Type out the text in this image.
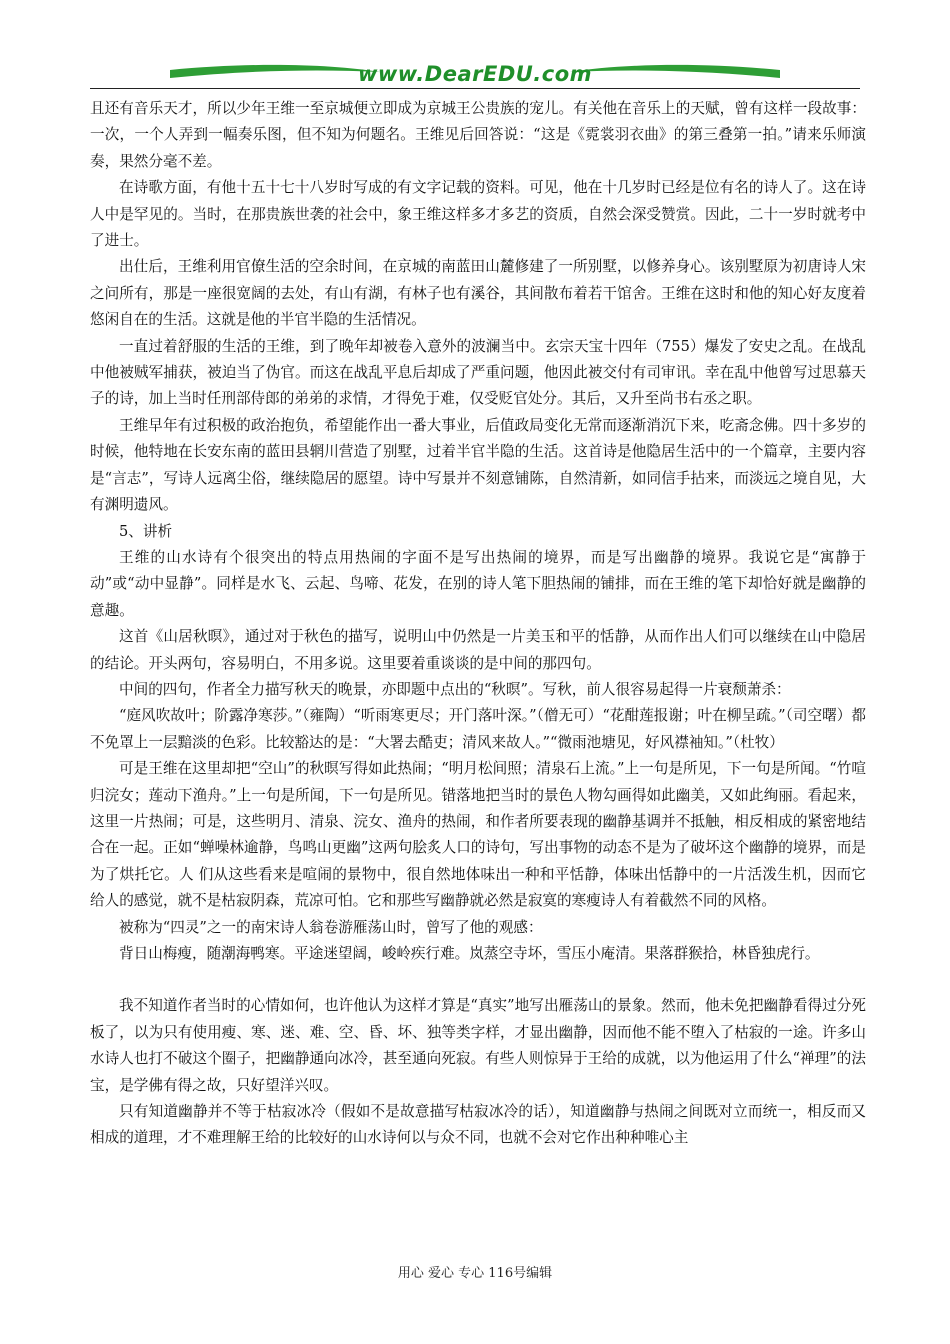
www.DearEDU.com

且还有音乐天才，所以少年王维一至京城便立即成为京城王公贵族的宠儿。有关他在音乐上的天赋，曾有这样一段故事：一次，一个人弄到一幅奏乐图，但不知为何题名。王维见后回答说：“这是《霓裳羽衣曲》的第三叠第一拍。”请来乐师演奏，果然分毫不差。

在诗歌方面，有他十五十七十八岁时写成的有文字记载的资料。可见，他在十几岁时已经是位有名的诗人了。这在诗人中是罕见的。当时，在那贵族世袭的社会中，象王维这样多才多艺的资质，自然会深受赞赏。因此，二十一岁时就考中了进士。

出仕后，王维利用官僚生活的空余时间，在京城的南蓝田山麓修建了一所别墅，以修养身心。该别墅原为初唐诗人宋之问所有，那是一座很宽阔的去处，有山有湖，有林子也有溪谷，其间散布着若干馆舍。王维在这时和他的知心好友度着悠闲自在的生活。这就是他的半官半隐的生活情况。

一直过着舒服的生活的王维，到了晚年却被卷入意外的波澜当中。玄宗天宝十四年（755）爆发了安史之乱。在战乱中他被贼军捕获，被迫当了伪官。而这在战乱平息后却成了严重问题，他因此被交付有司审讯。幸在乱中他曾写过思慕天子的诗，加上当时任刑部侍郎的弟弟的求情，才得免于难，仅受贬官处分。其后，又升至尚书右丞之职。

王维早年有过积极的政治抱负，希望能作出一番大事业，后值政局变化无常而逐渐消沉下来，吃斋念佛。四十多岁的时候，他特地在长安东南的蓝田县辋川营造了别墅，过着半官半隐的生活。这首诗是他隐居生活中的一个篇章，主要内容是“言志”，写诗人远离尘俗，继续隐居的愿望。诗中写景并不刻意铺陈，自然清新，如同信手拈来，而淡远之境自见，大有渊明遗风。

5、讲析

王维的山水诗有个很突出的特点用热闹的字面不是写出热闹的境界，而是写出幽静的境界。我说它是“寓静于动”或“动中显静”。同样是水飞、云起、鸟啼、花发，在别的诗人笔下胆热闹的铺排，而在王维的笔下却恰好就是幽静的意趣。

这首《山居秋暝》，通过对于秋色的描写，说明山中仍然是一片美玉和平的恬静，从而作出人们可以继续在山中隐居的结论。开头两句，容易明白，不用多说。这里要着重谈谈的是中间的那四句。

中间的四句，作者全力描写秋天的晚景，亦即题中点出的“秋暝”。写秋，前人很容易起得一片衰颓萧杀：

“庭风吹故叶；阶露净寒莎。”（雍陶）“听雨寒更尽；开门落叶深。”（僧无可）“花酣莲报谢；叶在柳呈疏。”（司空曙）都不免罩上一层黯淡的色彩。比较豁达的是：“大署去酷吏；清风来故人。”“微雨池塘见，好风襟袖知。”（杜牧）

可是王维在这里却把“空山”的秋暝写得如此热闹；“明月松间照；清泉石上流。”上一句是所见，下一句是所闻。“竹喧归浣女；莲动下渔舟。”上一句是所闻，下一句是所见。错落地把当时的景色人物勾画得如此幽美，又如此绚丽。看起来，这里一片热闹；可是，这些明月、清泉、浣女、渔舟的热闹，和作者所要表现的幽静基调并不抵触，相反相成的紧密地结合在一起。正如“蝉噪林逾静，鸟鸣山更幽”这两句脍炙人口的诗句，写出事物的动态不是为了破坏这个幽静的境界，而是为了烘托它。人 们从这些看来是喧闹的景物中，很自然地体味出一种和平恬静，体味出恬静中的一片活泼生机，因而它给人的感觉，就不是枯寂阴森，荒凉可怕。它和那些写幽静就必然是寂寞的寒瘦诗人有着截然不同的风格。

被称为“四灵”之一的南宋诗人翁卷游雁荡山时，曾写了他的观感：

背日山梅瘦，随潮海鸭寒。平途迷望阔，峻岭疾行难。岚蒸空寺坏，雪压小庵清。果落群猴拾，林昏独虎行。

我不知道作者当时的心情如何，也许他认为这样才算是“真实”地写出雁荡山的景象。然而，他未免把幽静看得过分死板了，以为只有使用瘦、寒、迷、难、空、昏、坏、独等类字样，才显出幽静，因而他不能不堕入了枯寂的一途。许多山水诗人也打不破这个圈子，把幽静通向冰冷，甚至通向死寂。有些人则惊异于王给的成就，以为他运用了什么“禅理”的法宝，是学佛有得之故，只好望洋兴叹。

只有知道幽静并不等于枯寂冰冷（假如不是故意描写枯寂冰冷的话），知道幽静与热闹之间既对立而统一，相反而又相成的道理，才不难理解王给的比较好的山水诗何以与众不同，也就不会对它作出种种唯心主

用心 爱心 专心 116号编辑
